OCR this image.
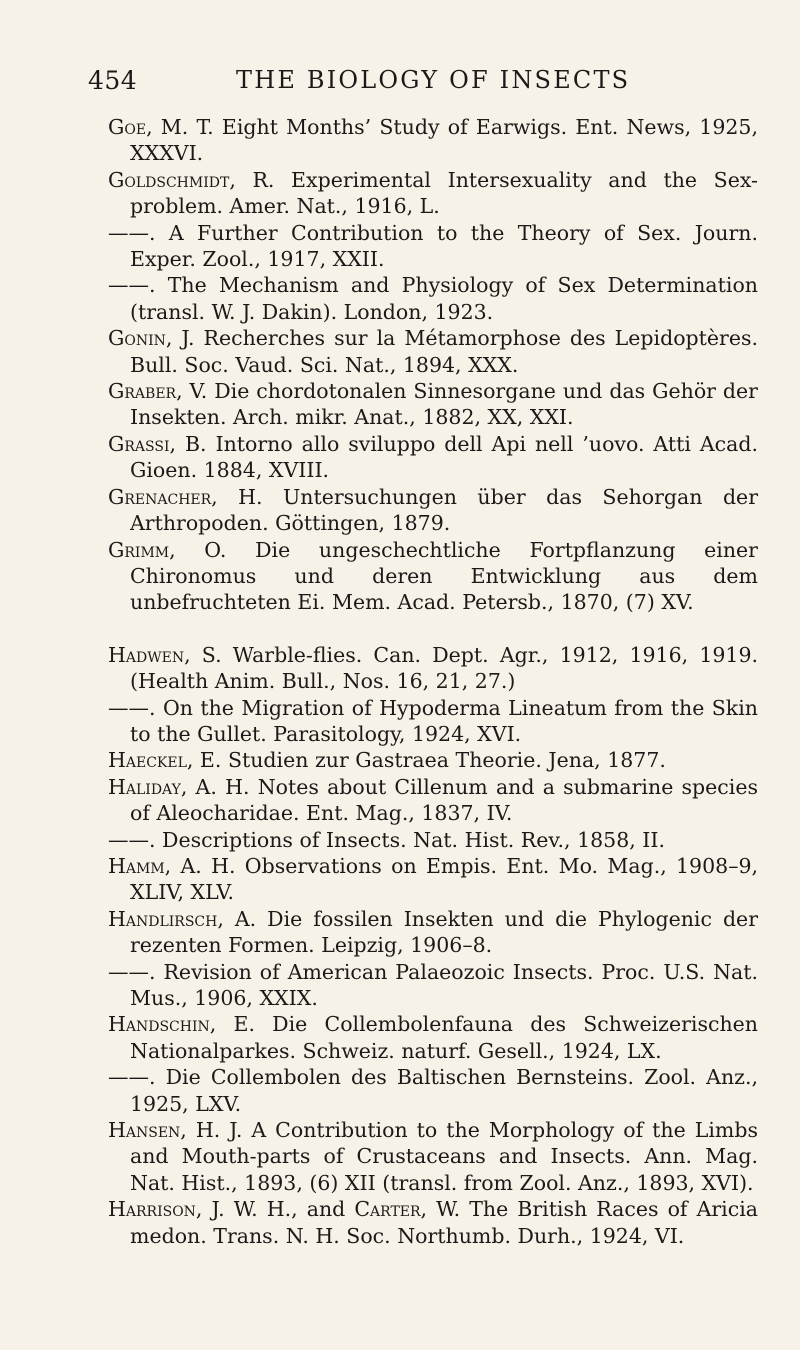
454	THE BIOLOGY OF INSECTS

Goe, M. T. Eight Months’ Study of Earwigs. Ent. News, 1925, XXXVI.

Goldschmidt, R. Experimental Intersexuality and the Sex-problem. Amer. Nat., 1916, L.

——. A Further Contribution to the Theory of Sex. Journ. Exper. Zool., 1917, XXII.

——. The Mechanism and Physiology of Sex Determination (transl. W. J. Dakin). London, 1923.

Gonin, J. Recherches sur la Métamorphose des Lepidoptères. Bull. Soc. Vaud. Sci. Nat., 1894, XXX.

Graber, V. Die chordotonalen Sinnesorgane und das Gehör der Insekten. Arch. mikr. Anat., 1882, XX, XXI.

Grassi, B. Intorno allo sviluppo dell Api nell ’uovo. Atti Acad. Gioen. 1884, XVIII.

Grenacher, H. Untersuchungen über das Sehorgan der Arthropoden. Göttingen, 1879.

Grimm, O. Die ungeschechtliche Fortpflanzung einer Chironomus und deren Entwicklung aus dem unbefruchteten Ei. Mem. Acad. Petersb., 1870, (7) XV.

Hadwen, S. Warble-flies. Can. Dept. Agr., 1912, 1916, 1919. (Health Anim. Bull., Nos. 16, 21, 27.)

——. On the Migration of Hypoderma Lineatum from the Skin to the Gullet. Parasitology, 1924, XVI.

Haeckel, E. Studien zur Gastraea Theorie. Jena, 1877.

Haliday, A. H. Notes about Cillenum and a submarine species of Aleocharidae. Ent. Mag., 1837, IV.

——. Descriptions of Insects. Nat. Hist. Rev., 1858, II.

Hamm, A. H. Observations on Empis. Ent. Mo. Mag., 1908–9, XLIV, XLV.

Handlirsch, A. Die fossilen Insekten und die Phylogenic der rezenten Formen. Leipzig, 1906–8.

——. Revision of American Palaeozoic Insects. Proc. U.S. Nat. Mus., 1906, XXIX.

Handschin, E. Die Collembolenfauna des Schweizerischen Nationalparkes. Schweiz. naturf. Gesell., 1924, LX.

——. Die Collembolen des Baltischen Bernsteins. Zool. Anz., 1925, LXV.

Hansen, H. J. A Contribution to the Morphology of the Limbs and Mouth-parts of Crustaceans and Insects. Ann. Mag. Nat. Hist., 1893, (6) XII (transl. from Zool. Anz., 1893, XVI).

Harrison, J. W. H., and Carter, W. The British Races of Aricia medon. Trans. N. H. Soc. Northumb. Durh., 1924, VI.
